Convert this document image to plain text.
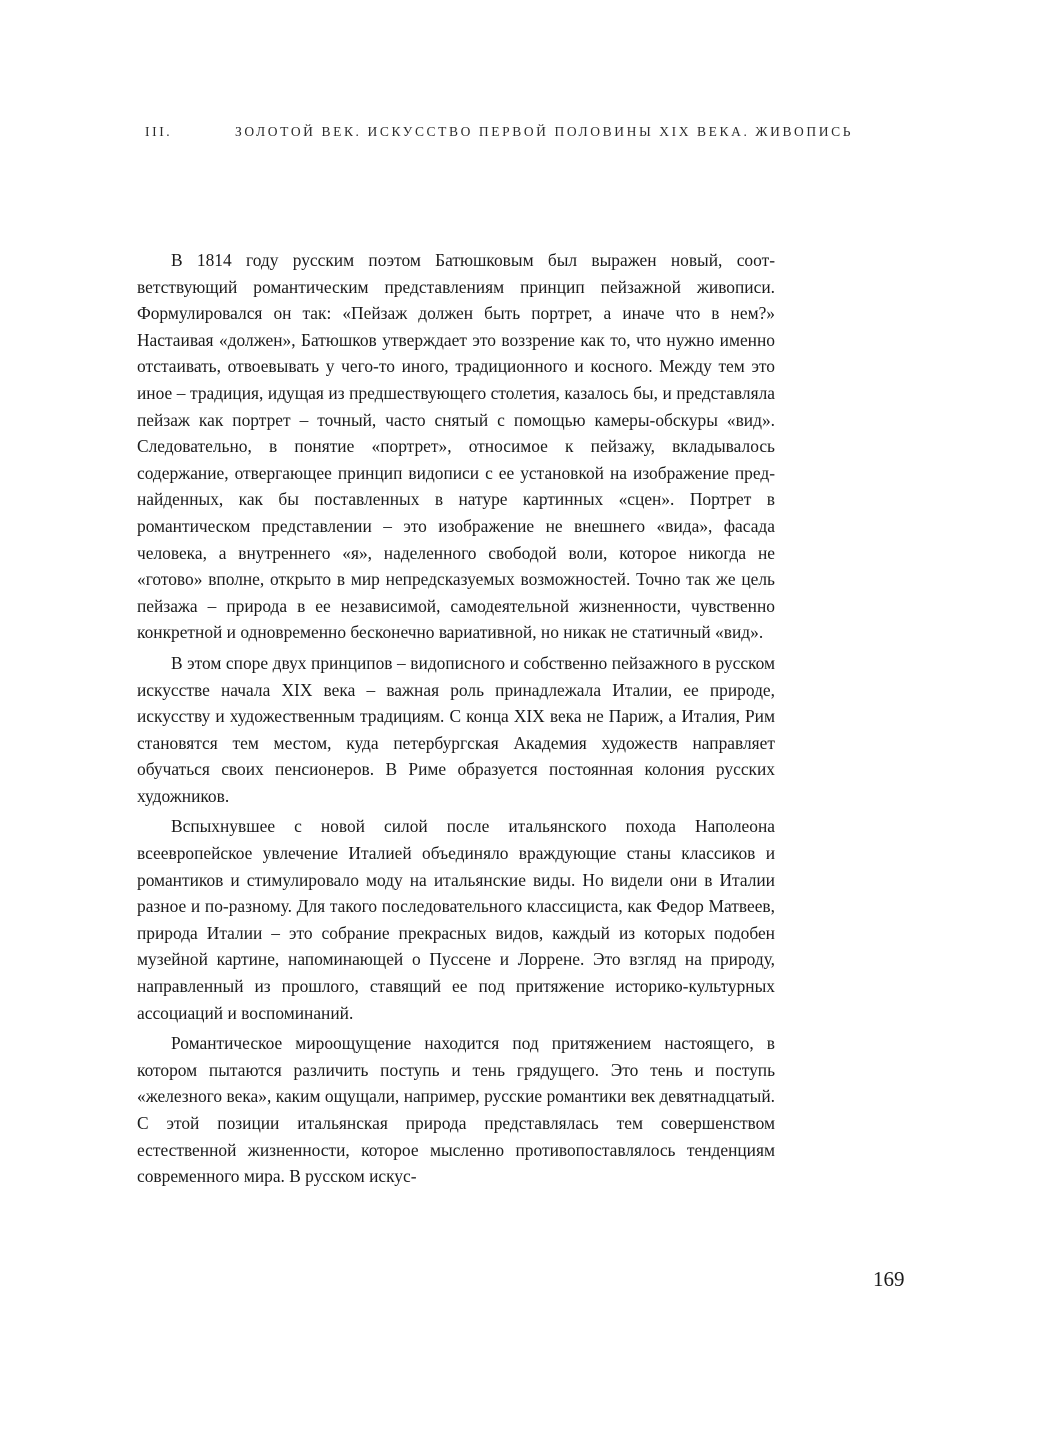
III.	ЗОЛОТОЙ ВЕК. ИСКУССТВО ПЕРВОЙ ПОЛОВИНЫ XIX ВЕКА. ЖИВОПИСЬ

В 1814 году русским поэтом Батюшковым был выражен новый, соответствующий романтическим представлениям принцип пейзажной живописи. Формулировался он так: «Пейзаж должен быть портрет, а иначе что в нем?» Настаивая «должен», Батюшков утверждает это воззрение как то, что нужно именно отстаивать, отвоевывать у чего-то иного, традиционного и косного. Между тем это иное – традиция, идущая из предшествующего столетия, казалось бы, и представляла пейзаж как портрет – точный, часто снятый с помощью камеры-обскуры «вид». Следовательно, в понятие «портрет», относимое к пейзажу, вкладывалось содержание, отвергающее принцип видописи с ее установкой на изображение преднайденных, как бы поставленных в натуре картинных «сцен». Портрет в романтическом представлении – это изображение не внешнего «вида», фасада человека, а внутреннего «я», наделенного свободой воли, которое никогда не «готово» вполне, открыто в мир непредсказуемых возможностей. Точно так же цель пейзажа – природа в ее независимой, самодеятельной жизненности, чувственно конкретной и одновременно бесконечно вариативной, но никак не статичный «вид».

В этом споре двух принципов – видописного и собственно пейзажного в русском искусстве начала XIX века – важная роль принадлежала Италии, ее природе, искусству и художественным традициям. С конца XIX века не Париж, а Италия, Рим становятся тем местом, куда петербургская Академия художеств направляет обучаться своих пенсионеров. В Риме образуется постоянная колония русских художников.

Вспыхнувшее с новой силой после итальянского похода Наполеона всеевропейское увлечение Италией объединяло враждующие станы классиков и романтиков и стимулировало моду на итальянские виды. Но видели они в Италии разное и по-разному. Для такого последовательного классициста, как Федор Матвеев, природа Италии – это собрание прекрасных видов, каждый из которых подобен музейной картине, напоминающей о Пуссене и Лоррене. Это взгляд на природу, направленный из прошлого, ставящий ее под притяжение историко-культурных ассоциаций и воспоминаний.

Романтическое мироощущение находится под притяжением настоящего, в котором пытаются различить поступь и тень грядущего. Это тень и поступь «железного века», каким ощущали, например, русские романтики век девятнадцатый. С этой позиции итальянская природа представлялась тем совершенством естественной жизненности, которое мысленно противопоставлялось тенденциям современного мира. В русском искус-

169
